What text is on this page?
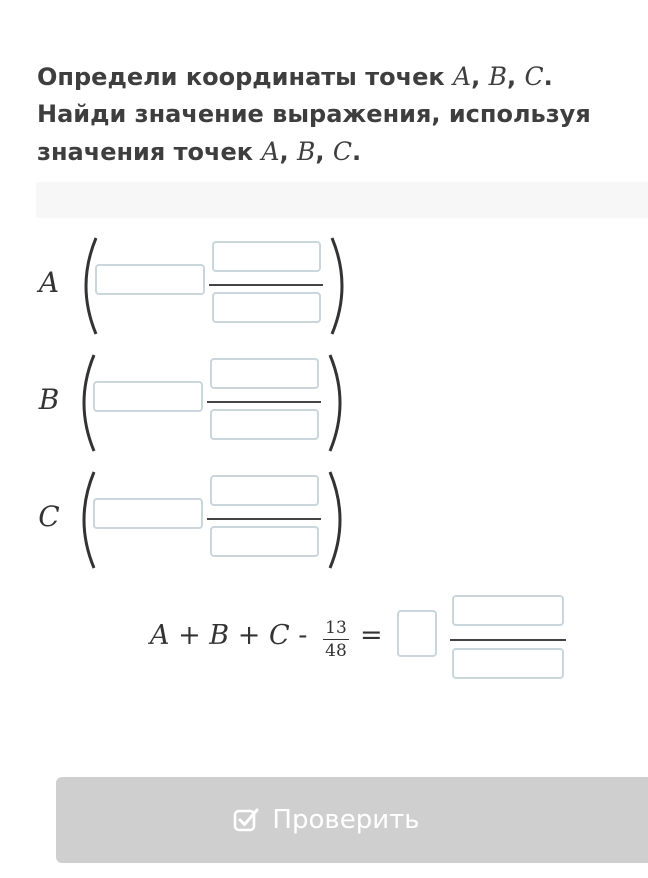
Определи координаты точек A, B, C. Найди значение выражения, используя значения точек A, B, C.

A
B
C
A + B + C - 13
48 =
Проверить
